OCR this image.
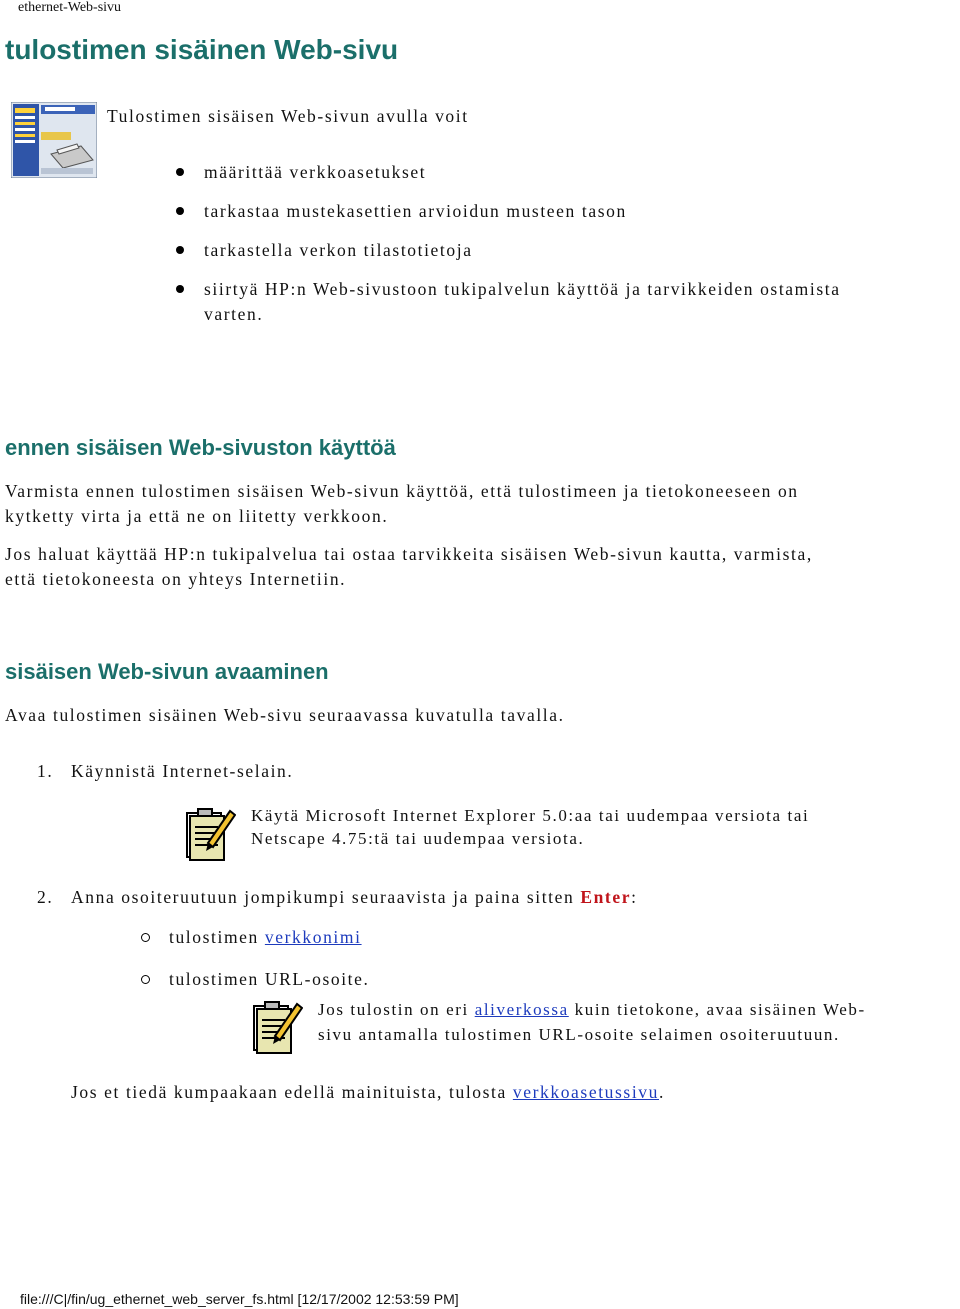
ethernet-Web-sivu
tulostimen sisäinen Web-sivu
Tulostimen sisäisen Web-sivun avulla voit
määrittää verkkoasetukset
tarkastaa mustekasettien arvioidun musteen tason
tarkastella verkon tilastotietoja
siirtyä HP:n Web-sivustoon tukipalvelun käyttöä ja tarvikkeiden ostamista
varten.
ennen sisäisen Web-sivuston käyttöä
Varmista ennen tulostimen sisäisen Web-sivun käyttöä, että tulostimeen ja tietokoneeseen on
kytketty virta ja että ne on liitetty verkkoon.
Jos haluat käyttää HP:n tukipalvelua tai ostaa tarvikkeita sisäisen Web-sivun kautta, varmista,
että tietokoneesta on yhteys Internetiin.
sisäisen Web-sivun avaaminen
Avaa tulostimen sisäinen Web-sivu seuraavassa kuvatulla tavalla.
1. Käynnistä Internet-selain.
Käytä Microsoft Internet Explorer 5.0:aa tai uudempaa versiota tai
Netscape 4.75:tä tai uudempaa versiota.
2. Anna osoiteruutuun jompikumpi seuraavista ja paina sitten Enter:
tulostimen verkkonimi
tulostimen URL-osoite.
Jos tulostin on eri aliverkossa kuin tietokone, avaa sisäinen Web-
sivu antamalla tulostimen URL-osoite selaimen osoiteruutuun.
Jos et tiedä kumpaakaan edellä mainituista, tulosta verkkoasetussivu.
file:///C|/fin/ug_ethernet_web_server_fs.html [12/17/2002 12:53:59 PM]
